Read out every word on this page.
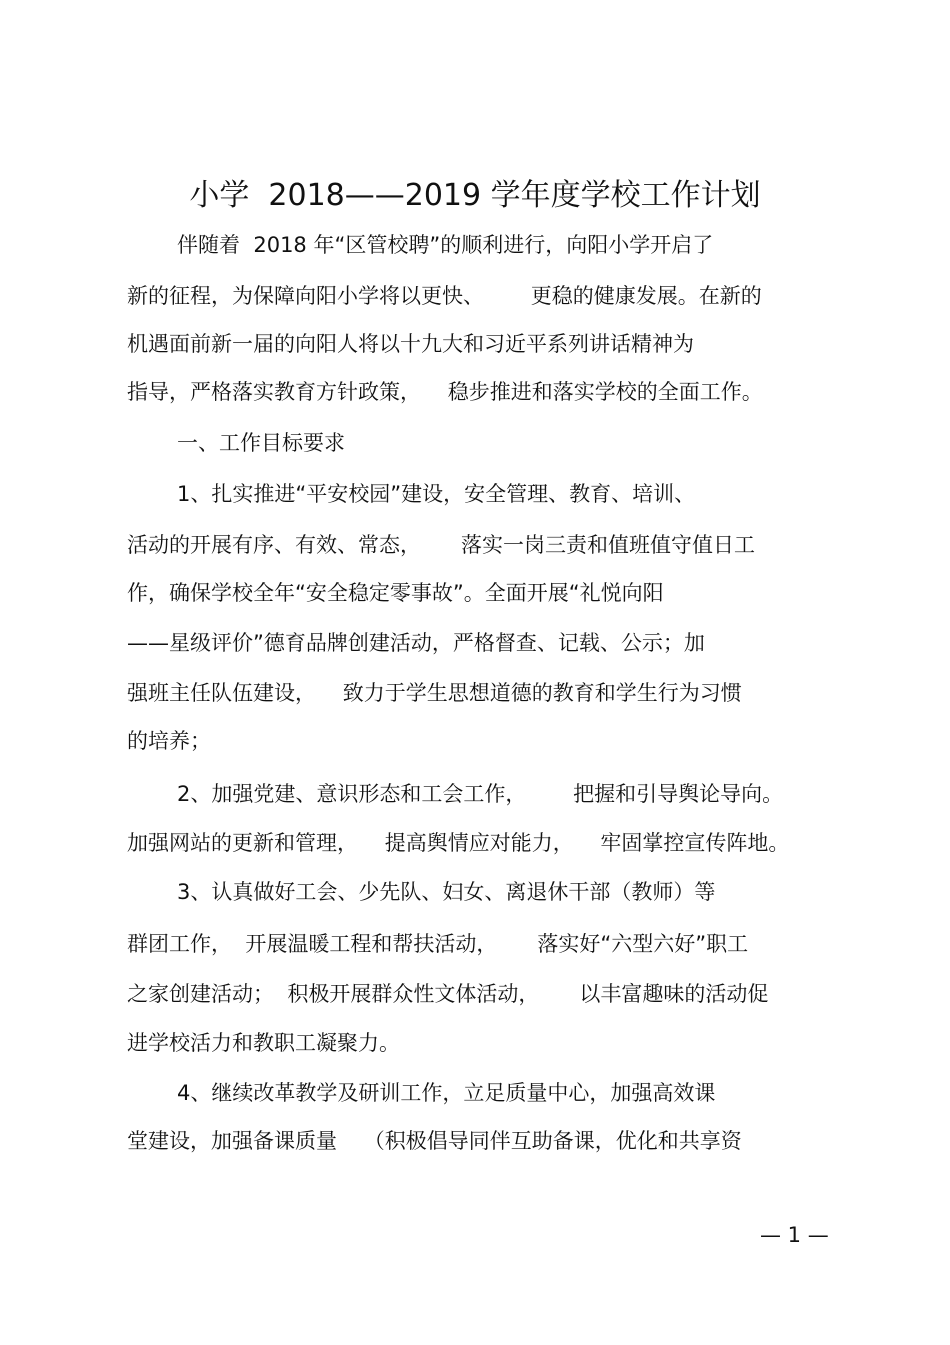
小学  2018——2019 学年度学校工作计划
伴随着  2018 年“区管校聘”的顺利进行，向阳小学开启了
新的征程，为保障向阳小学将以更快、       更稳的健康发展。在新的
机遇面前新一届的向阳人将以十九大和习近平系列讲话精神为
指导，严格落实教育方针政策，    稳步推进和落实学校的全面工作。
一、工作目标要求
1、扎实推进“平安校园”建设，安全管理、教育、培训、
活动的开展有序、有效、常态，      落实一岗三责和值班值守值日工
作，确保学校全年“安全稳定零事故”。全面开展“礼悦向阳
——星级评价”德育品牌创建活动，严格督查、记载、公示；加
强班主任队伍建设，    致力于学生思想道德的教育和学生行为习惯
的培养；
2、加强党建、意识形态和工会工作，       把握和引导舆论导向。
加强网站的更新和管理，    提高舆情应对能力，    牢固掌控宣传阵地。
3、认真做好工会、少先队、妇女、离退休干部（教师）等
群团工作，  开展温暖工程和帮扶活动，      落实好“六型六好”职工
之家创建活动；  积极开展群众性文体活动，      以丰富趣味的活动促
进学校活力和教职工凝聚力。
4、继续改革教学及研训工作，立足质量中心，加强高效课
堂建设，加强备课质量    （积极倡导同伴互助备课，优化和共享资
— 1 —
